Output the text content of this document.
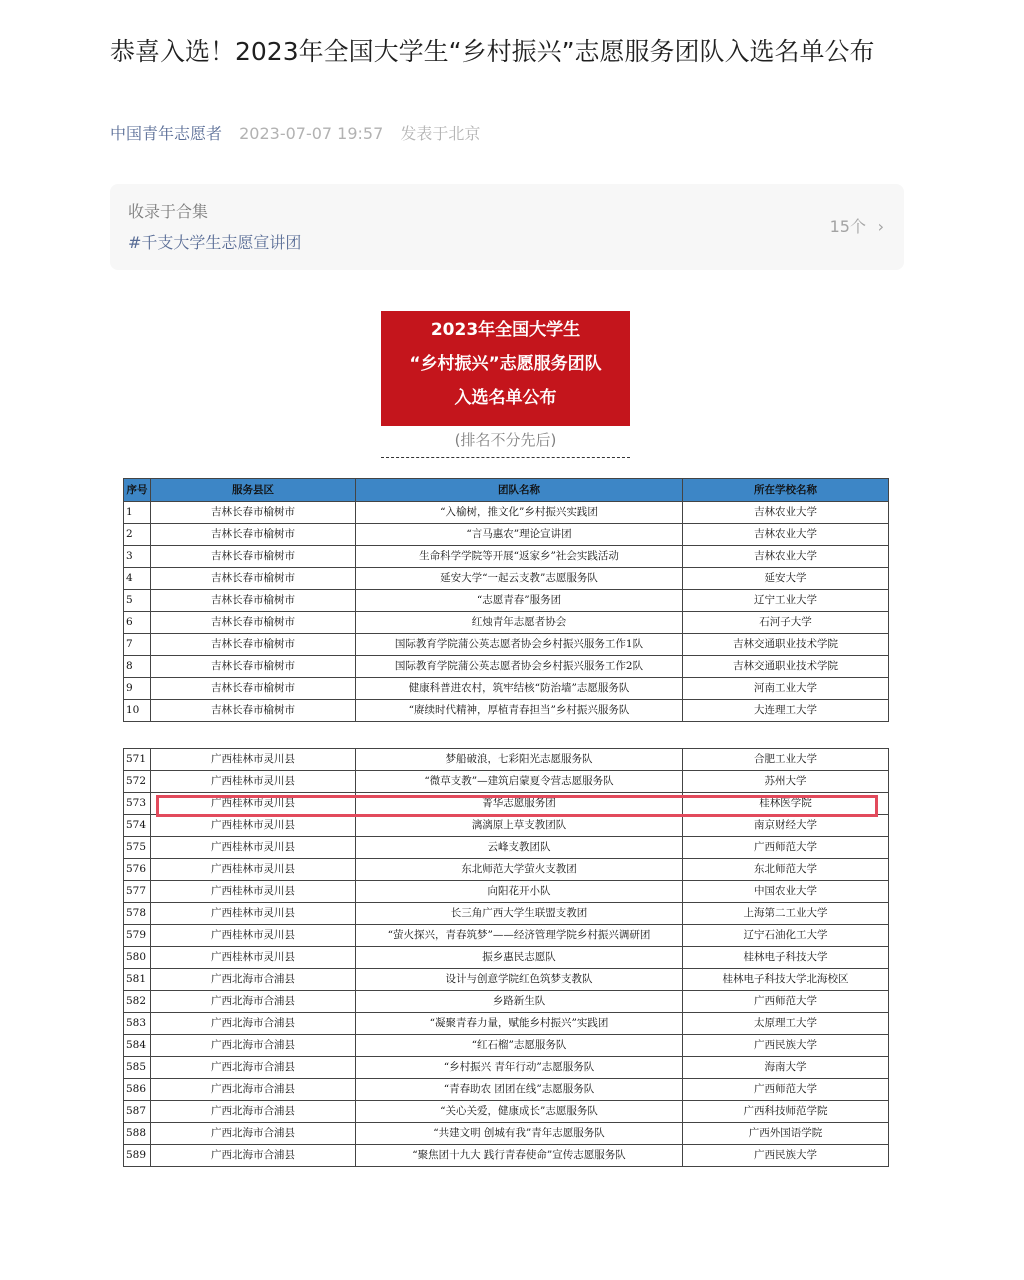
恭喜入选！2023年全国大学生“乡村振兴”志愿服务团队入选名单公布
中国青年志愿者 2023-07-07 19:57 发表于北京
收录于合集
#千支大学生志愿宣讲团
15个 ›
2023年全国大学生
“乡村振兴”志愿服务团队
入选名单公布
(排名不分先后)
序号	服务县区	团队名称	所在学校名称
1	吉林长春市榆树市	“入榆树，推文化”乡村振兴实践团	吉林农业大学
2	吉林长春市榆树市	“言马惠农”理论宣讲团	吉林农业大学
3	吉林长春市榆树市	生命科学学院等开展“返家乡”社会实践活动	吉林农业大学
4	吉林长春市榆树市	延安大学“一起云支教”志愿服务队	延安大学
5	吉林长春市榆树市	“志愿青春”服务团	辽宁工业大学
6	吉林长春市榆树市	红烛青年志愿者协会	石河子大学
7	吉林长春市榆树市	国际教育学院蒲公英志愿者协会乡村振兴服务工作1队	吉林交通职业技术学院
8	吉林长春市榆树市	国际教育学院蒲公英志愿者协会乡村振兴服务工作2队	吉林交通职业技术学院
9	吉林长春市榆树市	健康科普进农村，筑牢结核“防治墙”志愿服务队	河南工业大学
10	吉林长春市榆树市	“赓续时代精神，厚植青春担当”乡村振兴服务队	大连理工大学
571	广西桂林市灵川县	梦船破浪，七彩阳光志愿服务队	合肥工业大学
572	广西桂林市灵川县	“微草支教”—建筑启蒙夏令营志愿服务队	苏州大学
573	广西桂林市灵川县	菁华志愿服务团	桂林医学院
574	广西桂林市灵川县	漓漓原上草支教团队	南京财经大学
575	广西桂林市灵川县	云峰支教团队	广西师范大学
576	广西桂林市灵川县	东北师范大学萤火支教团	东北师范大学
577	广西桂林市灵川县	向阳花开小队	中国农业大学
578	广西桂林市灵川县	长三角广西大学生联盟支教团	上海第二工业大学
579	广西桂林市灵川县	“萤火探兴，青春筑梦”——经济管理学院乡村振兴调研团	辽宁石油化工大学
580	广西桂林市灵川县	振乡惠民志愿队	桂林电子科技大学
581	广西北海市合浦县	设计与创意学院红色筑梦支教队	桂林电子科技大学北海校区
582	广西北海市合浦县	乡路新生队	广西师范大学
583	广西北海市合浦县	“凝聚青春力量，赋能乡村振兴”实践团	太原理工大学
584	广西北海市合浦县	“红石榴”志愿服务队	广西民族大学
585	广西北海市合浦县	“乡村振兴 青年行动”志愿服务队	海南大学
586	广西北海市合浦县	“青春助农 团团在线”志愿服务队	广西师范大学
587	广西北海市合浦县	“关心关爱，健康成长”志愿服务队	广西科技师范学院
588	广西北海市合浦县	“共建文明 创城有我”青年志愿服务队	广西外国语学院
589	广西北海市合浦县	“聚焦团十九大 践行青春使命”宣传志愿服务队	广西民族大学
